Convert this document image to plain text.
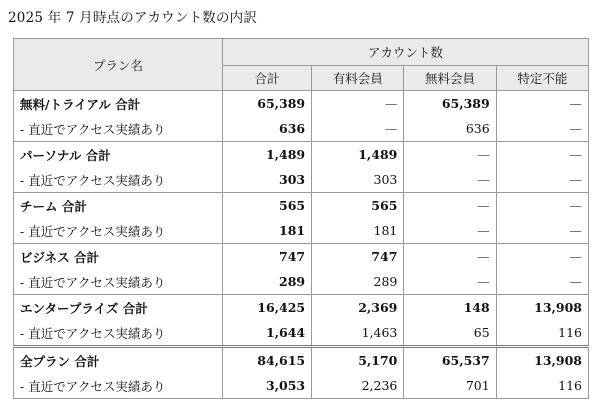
2025 年 7 月時点のアカウント数の内訳
プラン名	アカウント数			
	合計	有料会員	無料会員	特定不能
無料/トライアル 合計	65,389	—	65,389	—
- 直近でアクセス実績あり	636	—	636	—
パーソナル 合計	1,489	1,489	—	—
- 直近でアクセス実績あり	303	303	—	—
チーム 合計	565	565	—	—
- 直近でアクセス実績あり	181	181	—	—
ビジネス 合計	747	747	—	—
- 直近でアクセス実績あり	289	289	—	—
エンタープライズ 合計	16,425	2,369	148	13,908
- 直近でアクセス実績あり	1,644	1,463	65	116
全プラン 合計	84,615	5,170	65,537	13,908
- 直近でアクセス実績あり	3,053	2,236	701	116
